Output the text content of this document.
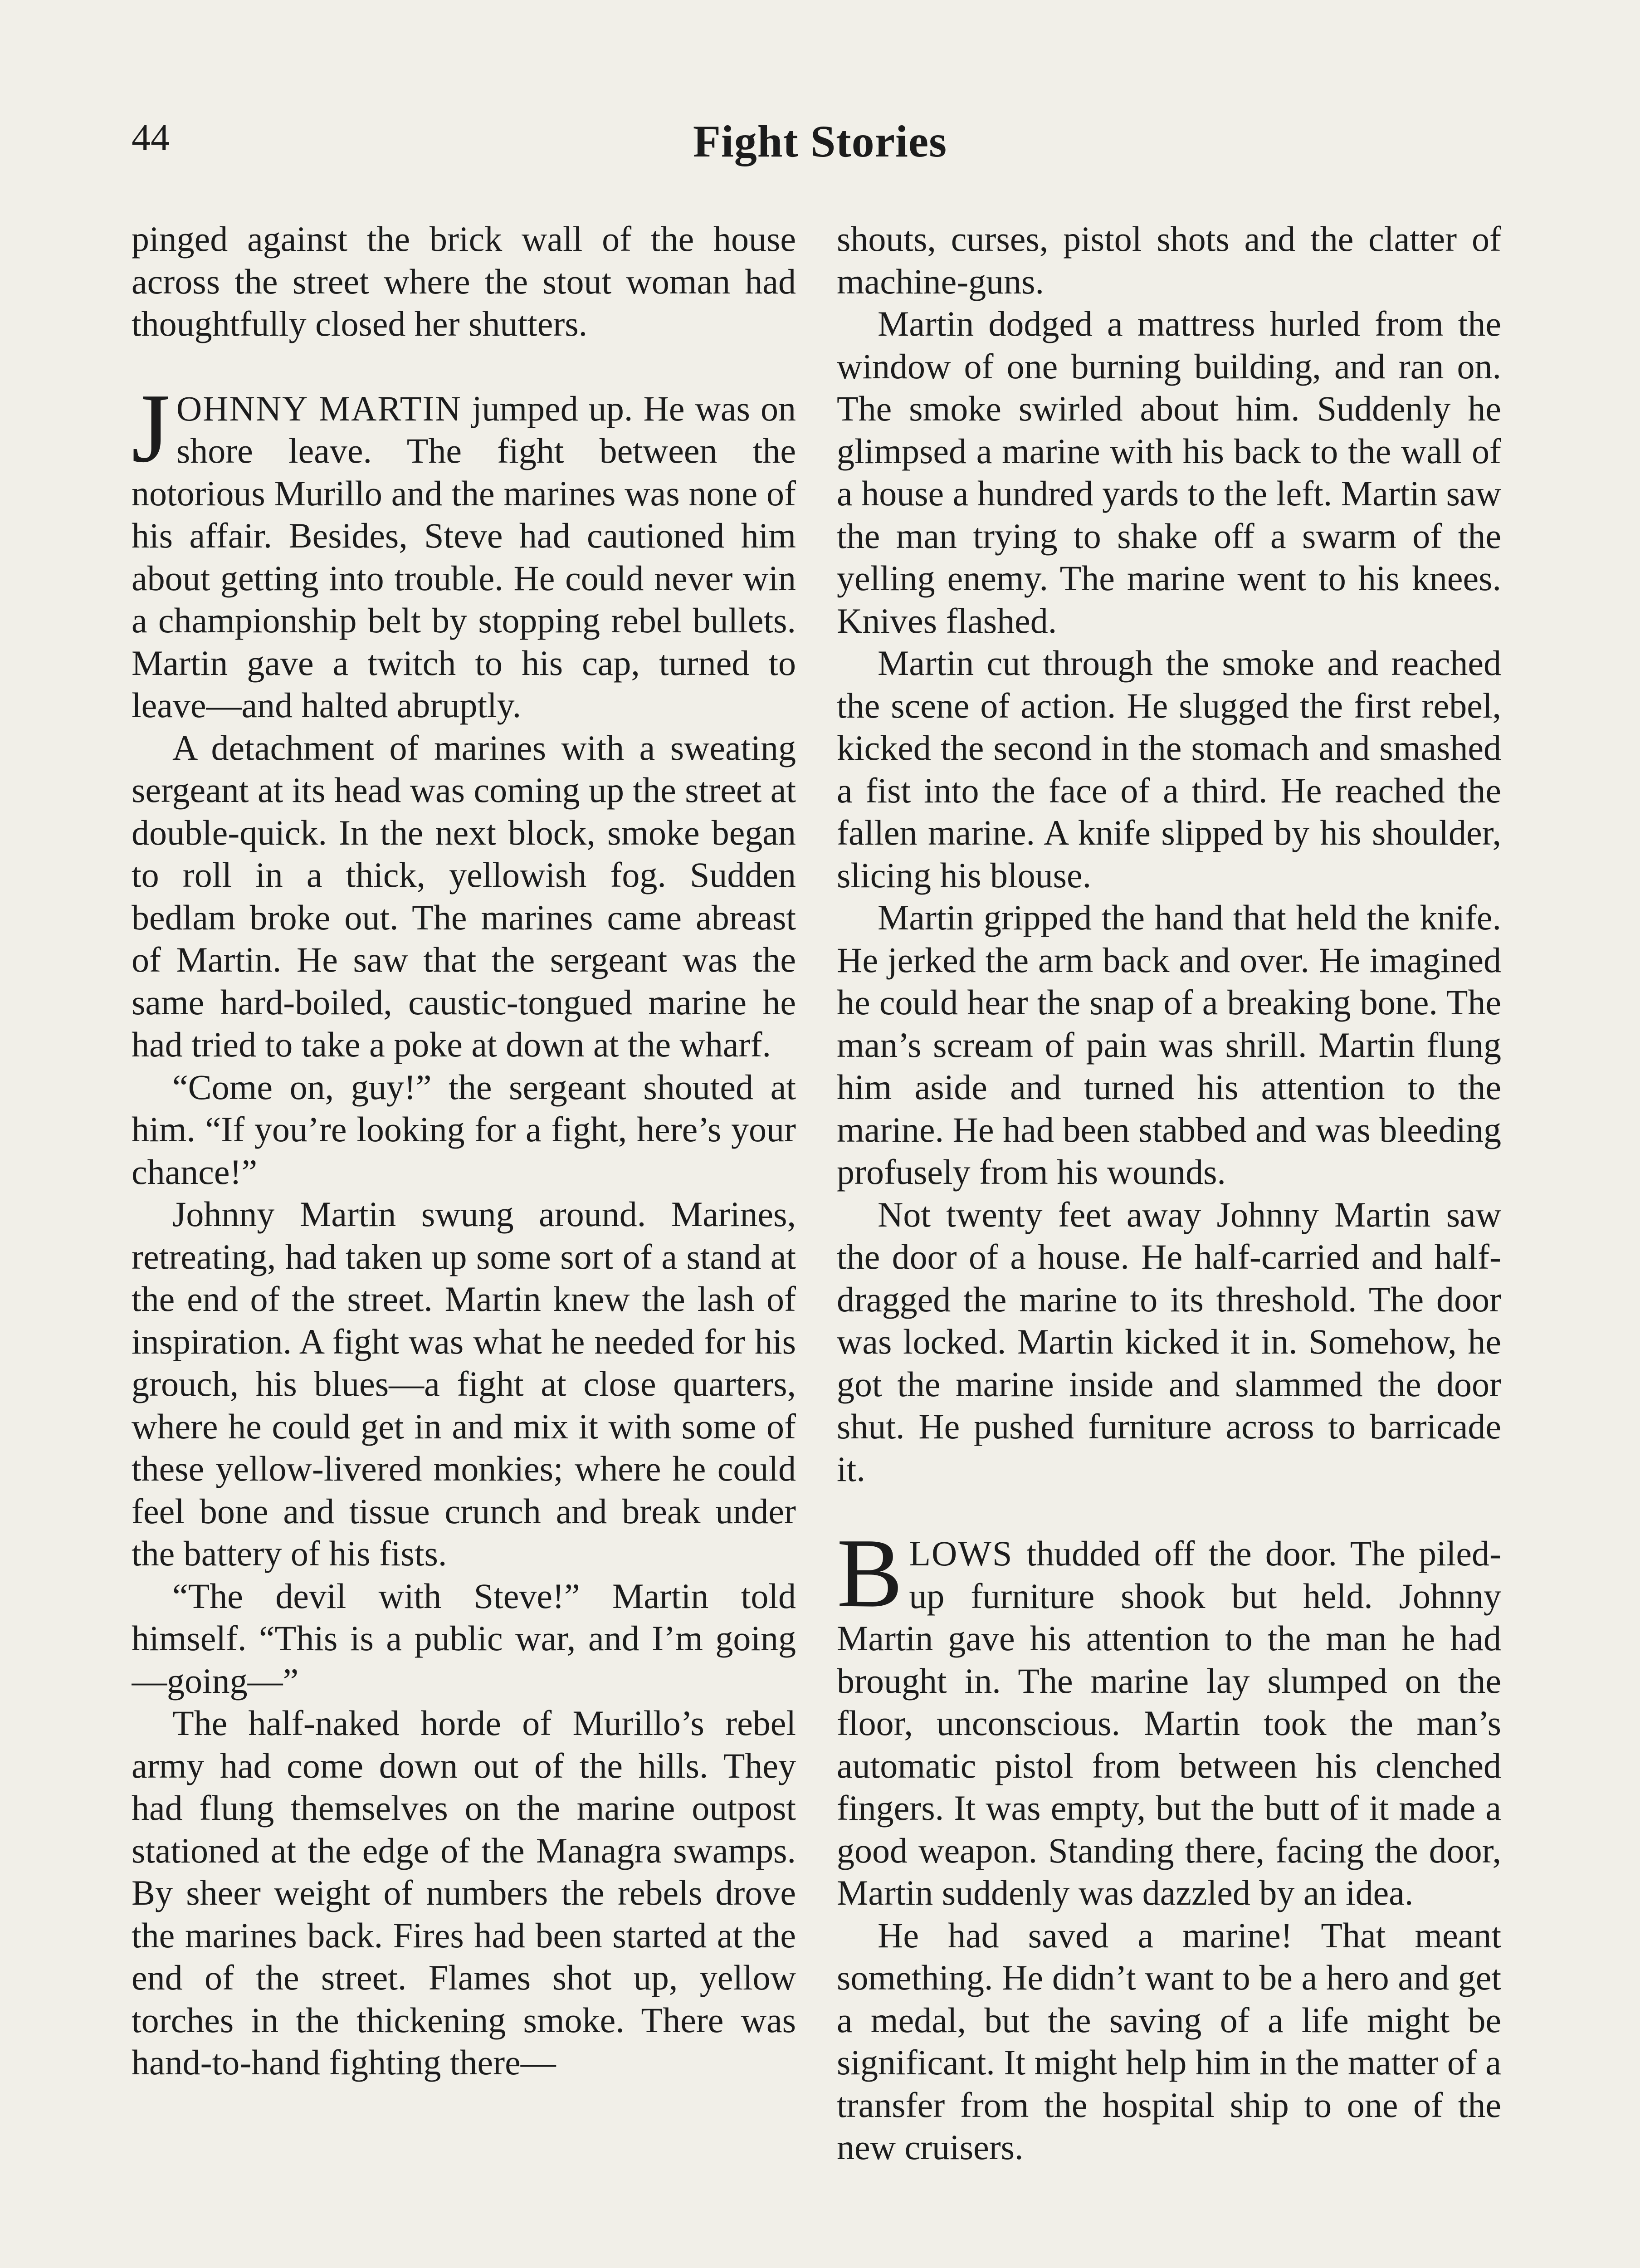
44	Fight Stories

pinged against the brick wall of the house across the street where the stout woman had thoughtfully closed her shutters.

JOHNNY MARTIN jumped up. He was on shore leave. The fight between the notorious Murillo and the marines was none of his affair. Besides, Steve had cautioned him about getting into trouble. He could never win a championship belt by stopping rebel bullets. Martin gave a twitch to his cap, turned to leave—and halted abruptly.

A detachment of marines with a sweating sergeant at its head was coming up the street at double-quick. In the next block, smoke began to roll in a thick, yellowish fog. Sudden bedlam broke out. The marines came abreast of Martin. He saw that the sergeant was the same hard-boiled, caustic-tongued marine he had tried to take a poke at down at the wharf.

“Come on, guy!” the sergeant shouted at him. “If you’re looking for a fight, here’s your chance!”

Johnny Martin swung around. Marines, retreating, had taken up some sort of a stand at the end of the street. Martin knew the lash of inspiration. A fight was what he needed for his grouch, his blues—a fight at close quarters, where he could get in and mix it with some of these yellow-livered monkies; where he could feel bone and tissue crunch and break under the battery of his fists.

“The devil with Steve!” Martin told himself. “This is a public war, and I’m going—going—”

The half-naked horde of Murillo’s rebel army had come down out of the hills. They had flung themselves on the marine outpost stationed at the edge of the Managra swamps. By sheer weight of numbers the rebels drove the marines back. Fires had been started at the end of the street. Flames shot up, yellow torches in the thickening smoke. There was hand-to-hand fighting there—

shouts, curses, pistol shots and the clatter of machine-guns.

Martin dodged a mattress hurled from the window of one burning building, and ran on. The smoke swirled about him. Suddenly he glimpsed a marine with his back to the wall of a house a hundred yards to the left. Martin saw the man trying to shake off a swarm of the yelling enemy. The marine went to his knees. Knives flashed.

Martin cut through the smoke and reached the scene of action. He slugged the first rebel, kicked the second in the stomach and smashed a fist into the face of a third. He reached the fallen marine. A knife slipped by his shoulder, slicing his blouse.

Martin gripped the hand that held the knife. He jerked the arm back and over. He imagined he could hear the snap of a breaking bone. The man’s scream of pain was shrill. Martin flung him aside and turned his attention to the marine. He had been stabbed and was bleeding profusely from his wounds.

Not twenty feet away Johnny Martin saw the door of a house. He half-carried and half-dragged the marine to its threshold. The door was locked. Martin kicked it in. Somehow, he got the marine inside and slammed the door shut. He pushed furniture across to barricade it.

BLOWS thudded off the door. The piled-up furniture shook but held. Johnny Martin gave his attention to the man he had brought in. The marine lay slumped on the floor, unconscious. Martin took the man’s automatic pistol from between his clenched fingers. It was empty, but the butt of it made a good weapon. Standing there, facing the door, Martin suddenly was dazzled by an idea.

He had saved a marine! That meant something. He didn’t want to be a hero and get a medal, but the saving of a life might be significant. It might help him in the matter of a transfer from the hospital ship to one of the new cruisers.
